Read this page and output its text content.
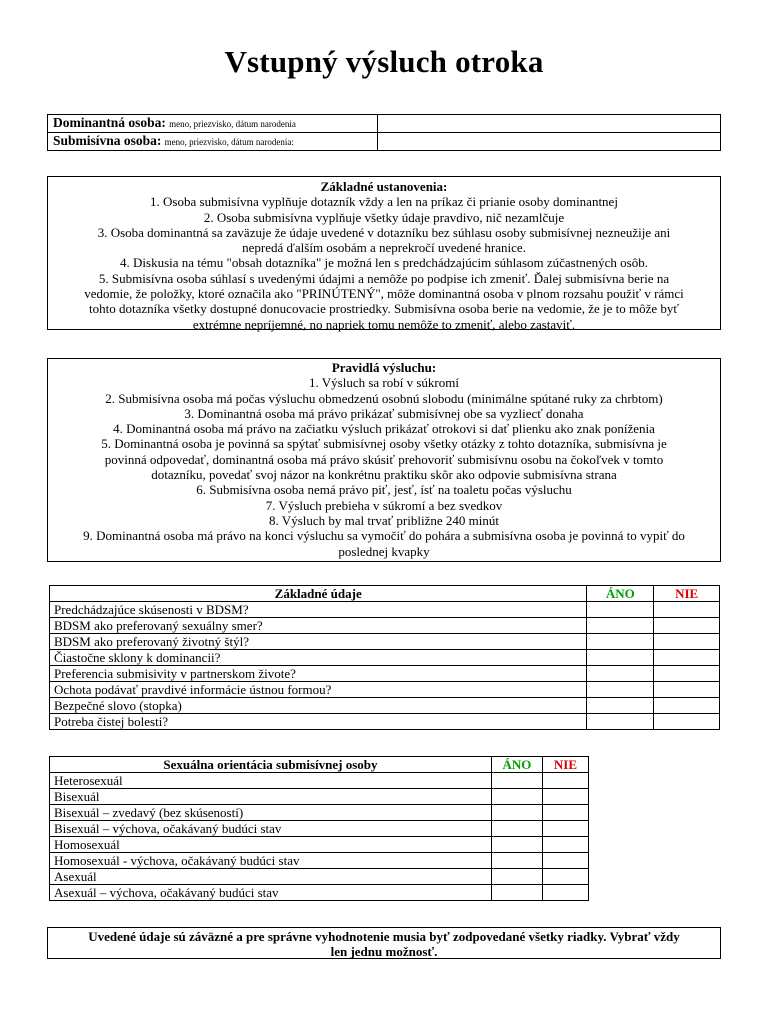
Vstupný výsluch otroka
Dominantná osoba: meno, priezvisko, dátum narodenia	
Submisívna osoba: meno, priezvisko, dátum narodenia:	
Základné ustanovenia:
1. Osoba submisívna vyplňuje dotazník vždy a len na príkaz či prianie osoby dominantnej
2. Osoba submisívna vyplňuje všetky údaje pravdivo, nič nezamlčuje
3. Osoba dominantná sa zaväzuje že údaje uvedené v dotazníku bez súhlasu osoby submisívnej nezneužije ani
nepredá ďalším osobám a neprekročí uvedené hranice.
4. Diskusia na tému "obsah dotazníka" je možná len s predchádzajúcim súhlasom zúčastnených osôb.
5. Submisívna osoba súhlasí s uvedenými údajmi a nemôže po podpise ich zmeniť. Ďalej submisívna berie na
vedomie, že položky, ktoré označila ako "PRINÚTENÝ", môže dominantná osoba v plnom rozsahu použiť v rámci
tohto dotazníka všetky dostupné donucovacie prostriedky. Submisívna osoba berie na vedomie, že je to môže byť
extrémne nepríjemné, no napriek tomu nemôže to zmeniť, alebo zastaviť.
Pravidlá výsluchu:
1. Výsluch sa robí v súkromí
2. Submisívna osoba má počas výsluchu obmedzenú osobnú slobodu (minimálne spútané ruky za chrbtom)
3. Dominantná osoba má právo prikázať submisívnej obe sa vyzliecť donaha
4. Dominantná osoba má právo na začiatku výsluch prikázať otrokovi si dať plienku ako znak poníženia
5. Dominantná osoba je povinná sa spýtať submisívnej osoby všetky otázky z tohto dotazníka, submisívna je
povinná odpovedať, dominantná osoba má právo skúsiť prehovoriť submisívnu osobu na čokoľvek v tomto
dotazníku, povedať svoj názor na konkrétnu praktiku skôr ako odpovie submisívna strana
6. Submisívna osoba nemá právo piť, jesť, ísť na toaletu počas výsluchu
7. Výsluch prebieha v súkromí a bez svedkov
8. Výsluch by mal trvať približne 240 minút
9. Dominantná osoba má právo na konci výsluchu sa vymočiť do pohára a submisívna osoba je povinná to vypiť do
poslednej kvapky
Základné údaje	ÁNO	NIE
Predchádzajúce skúsenosti v BDSM?		
BDSM ako preferovaný sexuálny smer?		
BDSM ako preferovaný životný štýl?		
Čiastočne sklony k dominancii?		
Preferencia submisivity v partnerskom živote?		
Ochota podávať pravdivé informácie ústnou formou?		
Bezpečné slovo (stopka)		
Potreba čistej bolesti?		
Sexuálna orientácia submisívnej osoby	ÁNO	NIE
Heterosexuál		
Bisexuál		
Bisexuál – zvedavý (bez skúseností)		
Bisexuál – výchova, očakávaný budúci stav		
Homosexuál		
Homosexuál - výchova, očakávaný budúci stav		
Asexuál		
Asexuál – výchova, očakávaný budúci stav		
Uvedené údaje sú záväzné a pre správne vyhodnotenie musia byť zodpovedané všetky riadky. Vybrať vždy
len jednu možnosť.
